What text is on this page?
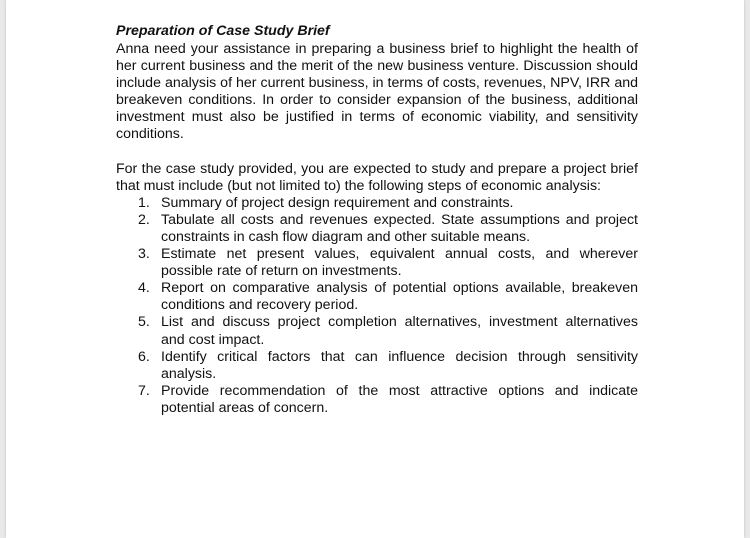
Preparation of Case Study Brief

Anna need your assistance in preparing a business brief to highlight the health of her current business and the merit of the new business venture. Discussion should include analysis of her current business, in terms of costs, revenues, NPV, IRR and breakeven conditions. In order to consider expansion of the business, additional investment must also be justified in terms of economic viability, and sensitivity conditions.

For the case study provided, you are expected to study and prepare a project brief that must include (but not limited to) the following steps of economic analysis:

1. Summary of project design requirement and constraints.
2. Tabulate all costs and revenues expected. State assumptions and project constraints in cash flow diagram and other suitable means.
3. Estimate net present values, equivalent annual costs, and wherever possible rate of return on investments.
4. Report on comparative analysis of potential options available, breakeven conditions and recovery period.
5. List and discuss project completion alternatives, investment alternatives and cost impact.
6. Identify critical factors that can influence decision through sensitivity analysis.
7. Provide recommendation of the most attractive options and indicate potential areas of concern.
